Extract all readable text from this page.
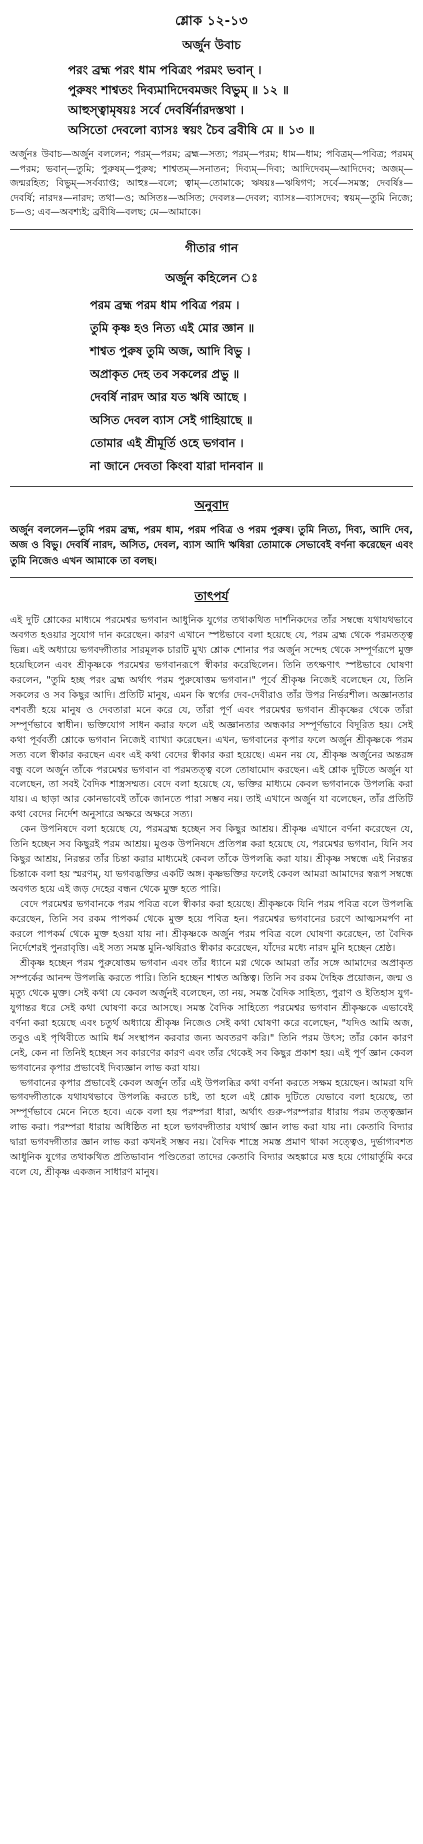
শ্লোক ১২-১৩
অর্জুন উবাচ
পরং ব্রহ্ম পরং ধাম পবিত্রং পরমং ভবান্ ।
পুরুষং শাশ্বতং দিব্যমাদিদেবমজং বিভুম্ ॥ ১২ ॥
আহুস্ত্বামৃষয়ঃ সর্বে দেবর্ষির্নারদস্তথা ।
অসিতো দেবলো ব্যাসঃ স্বয়ং চৈব ব্রবীষি মে ॥ ১৩ ॥
অর্জুনঃ উবাচ—অর্জুন বললেন; পরম্—পরম; ব্রহ্ম—সত্য; পরম্—পরম; ধাম—ধাম; পবিত্রম্—পবিত্র; পরমম্—পরম; ভবান্—তুমি; পুরুষম্—পুরুষ; শাশ্বতম্—সনাতন; দিব্যম্—দিব্য; আদিদেবম্—আদিদেব; অজম্—জন্মরহিত; বিভুম্—সর্বব্যাপ্ত; আহুঃ—বলে; ত্বাম্—তোমাকে; ঋষয়ঃ—ঋষিগণ; সর্বে—সমস্ত; দেবর্ষিঃ—দেবর্ষি; নারদঃ—নারদ; তথা—ও; অসিতঃ—অসিত; দেবলঃ—দেবল; ব্যাসঃ—ব্যাসদেব; স্বয়ম্—তুমি নিজে; চ—ও; এব—অবশ্যই; ব্রবীষি—বলছ; মে—আমাকে।
গীতার গান
অর্জুন কহিলেন ঃ
পরম ব্রহ্ম পরম ধাম পবিত্র পরম ।
তুমি কৃষ্ণ হও নিত্য এই মোর জ্ঞান ॥
শাশ্বত পুরুষ তুমি অজ, আদি বিভু ।
অপ্রাকৃত দেহ তব সকলের প্রভু ॥
দেবর্ষি নারদ আর যত ঋষি আছে ।
অসিত দেবল ব্যাস সেই গাহিয়াছে ॥
তোমার এই শ্রীমূর্তি ওহে ভগবান ।
না জানে দেবতা কিংবা যারা দানবান ॥
অনুবাদ
অর্জুন বললেন—তুমি পরম ব্রহ্ম, পরম ধাম, পরম পবিত্র ও পরম পুরুষ। তুমি নিত্য, দিব্য, আদি দেব, অজ ও বিভু। দেবর্ষি নারদ, অসিত, দেবল, ব্যাস আদি ঋষিরা তোমাকে সেভাবেই বর্ণনা করেছেন এবং তুমি নিজেও এখন আমাকে তা বলছ।
তাৎপর্য

এই দুটি শ্লোকের মাধ্যমে পরমেশ্বর ভগবান আধুনিক যুগের তথাকথিত দার্শনিকদের তাঁর সম্বন্ধে যথাযথভাবে অবগত হওয়ার সুযোগ দান করেছেন। কারণ এখানে স্পষ্টভাবে বলা হয়েছে যে, পরম ব্রহ্ম থেকে পরমতত্ত্ব ভিন্ন। এই অধ্যায়ে ভগবদ্গীতার সারমূলক চারটি মুখ্য শ্লোক শোনার পর অর্জুন সন্দেহ থেকে সম্পূর্ণরূপে মুক্ত হয়েছিলেন এবং শ্রীকৃষ্ণকে পরমেশ্বর ভগবানরূপে স্বীকার করেছিলেন। তিনি তৎক্ষণাৎ স্পষ্টভাবে ঘোষণা করলেন, "তুমি হচ্ছ পরং ব্রহ্ম অর্থাৎ পরম পুরুষোত্তম ভগবান।" পূর্বে শ্রীকৃষ্ণ নিজেই বলেছেন যে, তিনি সকলের ও সব কিছুর আদি। প্রতিটি মানুষ, এমন কি স্বর্গের দেব-দেবীরাও তাঁর উপর নির্ভরশীল। অজ্ঞানতার বশবর্তী হয়ে মানুষ ও দেবতারা মনে করে যে, তাঁরা পূর্ণ এবং পরমেশ্বর ভগবান শ্রীকৃষ্ণের থেকে তাঁরা সম্পূর্ণভাবে স্বাধীন। ভক্তিযোগ সাধন করার ফলে এই অজ্ঞানতার অন্ধকার সম্পূর্ণভাবে বিদূরিত হয়। সেই কথা পূর্ববর্তী শ্লোকে ভগবান নিজেই ব্যাখ্যা করেছেন। এখন, ভগবানের কৃপার ফলে অর্জুন শ্রীকৃষ্ণকে পরম সত্য বলে স্বীকার করছেন এবং এই কথা বেদের স্বীকার করা হয়েছে। এমন নয় যে, শ্রীকৃষ্ণ অর্জুনের অন্তরঙ্গ বন্ধু বলে অর্জুন তাঁকে পরমেশ্বর ভগবান বা পরমতত্ত্ব বলে তোষামোদ করছেন। এই শ্লোক দুটিতে অর্জুন যা বলেছেন, তা সবই বৈদিক শাস্ত্রসম্মত। বেদে বলা হয়েছে যে, ভক্তির মাধ্যমে কেবল ভগবানকে উপলব্ধি করা যায়। এ ছাড়া আর কোনভাবেই তাঁকে জানতে পারা সম্ভব নয়। তাই এখানে অর্জুন যা বলেছেন, তাঁর প্রতিটি কথা বেদের নির্দেশ অনুসারে অক্ষরে অক্ষরে সত্য।

কেন উপনিষদে বলা হয়েছে যে, পরমব্রহ্ম হচ্ছেন সব কিছুর আশ্রয়। শ্রীকৃষ্ণ এখানে বর্ণনা করেছেন যে, তিনি হচ্ছেন সব কিছুরই পরম আশ্রয়। মুণ্ডক উপনিষদে প্রতিপন্ন করা হয়েছে যে, পরমেশ্বর ভগবান, যিনি সব কিছুর আশ্রয়, নিরন্তর তাঁর চিন্তা করার মাধ্যমেই কেবল তাঁকে উপলব্ধি করা যায়। শ্রীকৃষ্ণ সম্বন্ধে এই নিরন্তর চিন্তাকে বলা হয় স্মরণম্, যা ভগবদ্ভক্তির একটি অঙ্গ। কৃষ্ণভক্তির ফলেই কেবল আমরা আমাদের স্বরূপ সম্বন্ধে অবগত হয়ে এই জড় দেহের বন্ধন থেকে মুক্ত হতে পারি।

বেদে পরমেশ্বর ভগবানকে পরম পবিত্র বলে স্বীকার করা হয়েছে। শ্রীকৃষ্ণকে যিনি পরম পবিত্র বলে উপলব্ধি করেছেন, তিনি সব রকম পাপকর্ম থেকে মুক্ত হয়ে পবিত্র হন। পরমেশ্বর ভগবানের চরণে আত্মসমর্পণ না করলে পাপকর্ম থেকে মুক্ত হওয়া যায় না। শ্রীকৃষ্ণকে অর্জুন পরম পবিত্র বলে ঘোষণা করেছেন, তা বৈদিক নির্দেশেরই পুনরাবৃত্তি। এই সত্য সমস্ত মুনি-ঋষিরাও স্বীকার করেছেন, যাঁদের মধ্যে নারদ মুনি হচ্ছেন শ্রেষ্ঠ।

শ্রীকৃষ্ণ হচ্ছেন পরম পুরুষোত্তম ভগবান এবং তাঁর ধ্যানে মগ্ন থেকে আমরা তাঁর সঙ্গে আমাদের অপ্রাকৃত সম্পর্কের আনন্দ উপলব্ধি করতে পারি। তিনি হচ্ছেন শাশ্বত অস্তিত্ব। তিনি সব রকম দৈহিক প্রয়োজন, জন্ম ও মৃত্যু থেকে মুক্ত। সেই কথা যে কেবল অর্জুনই বলেছেন, তা নয়, সমস্ত বৈদিক সাহিত্য, পুরাণ ও ইতিহাস যুগ-যুগান্তর ধরে সেই কথা ঘোষণা করে আসছে। সমস্ত বৈদিক সাহিত্যে পরমেশ্বর ভগবান শ্রীকৃষ্ণকে এভাবেই বর্ণনা করা হয়েছে এবং চতুর্থ অধ্যায়ে শ্রীকৃষ্ণ নিজেও সেই কথা ঘোষণা করে বলেছেন, "যদিও আমি অজ, তবুও এই পৃথিবীতে আমি ধর্ম সংস্থাপন করবার জন্য অবতরণ করি।" তিনি পরম উৎস; তাঁর কোন কারণ নেই, কেন না তিনিই হচ্ছেন সব কারণের কারণ এবং তাঁর থেকেই সব কিছুর প্রকাশ হয়। এই পূর্ণ জ্ঞান কেবল ভগবানের কৃপার প্রভাবেই দিব্যজ্ঞান লাভ করা যায়।

ভগবানের কৃপার প্রভাবেই কেবল অর্জুন তাঁর এই উপলব্ধির কথা বর্ণনা করতে সক্ষম হয়েছেন। আমরা যদি ভগবদ্গীতাকে যথাযথভাবে উপলব্ধি করতে চাই, তা হলে এই শ্লোক দুটিতে যেভাবে বলা হয়েছে, তা সম্পূর্ণভাবে মেনে নিতে হবে। একে বলা হয় পরম্পরা ধারা, অর্থাৎ গুরু-পরম্পরার ধারায় পরম তত্ত্বজ্ঞান লাভ করা। পরম্পরা ধারায় অধিষ্ঠিত না হলে ভগবদ্গীতার যথার্থ জ্ঞান লাভ করা যায় না। কেতাবি বিদ্যার দ্বারা ভগবদ্গীতার জ্ঞান লাভ করা কখনই সম্ভব নয়। বৈদিক শাস্ত্রে সমস্ত প্রমাণ থাকা সত্ত্বেও, দুর্ভাগ্যবশত আধুনিক যুগের তথাকথিত প্রতিভাবান পণ্ডিতেরা তাদের কেতাবি বিদ্যার অহঙ্কারে মত্ত হয়ে গোয়ার্তুমি করে বলে যে, শ্রীকৃষ্ণ একজন সাধারণ মানুষ।
